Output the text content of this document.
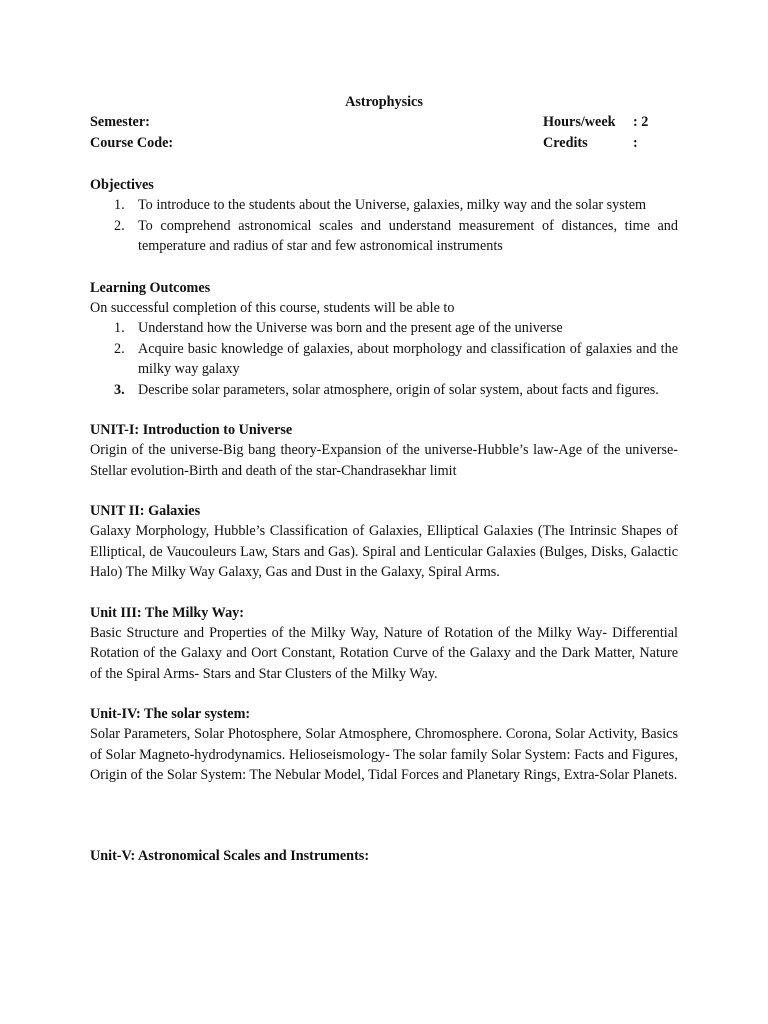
Astrophysics

Semester:	Hours/week	: 2
Course Code:	Credits	:

Objectives

1. To introduce to the students about the Universe, galaxies, milky way and the solar system
2. To comprehend astronomical scales and understand measurement of distances, time and temperature and radius of star and few astronomical instruments

Learning Outcomes

On successful completion of this course, students will be able to

1. Understand how the Universe was born and the present age of the universe
2. Acquire basic knowledge of galaxies, about morphology and classification of galaxies and the milky way galaxy
3. Describe solar parameters, solar atmosphere, origin of solar system, about facts and figures.

UNIT-I: Introduction to Universe

Origin of the universe-Big bang theory-Expansion of the universe-Hubble’s law-Age of the universe-Stellar evolution-Birth and death of the star-Chandrasekhar limit

UNIT II: Galaxies

Galaxy Morphology, Hubble’s Classification of Galaxies, Elliptical Galaxies (The Intrinsic Shapes of Elliptical, de Vaucouleurs Law, Stars and Gas). Spiral and Lenticular Galaxies (Bulges, Disks, Galactic Halo) The Milky Way Galaxy, Gas and Dust in the Galaxy, Spiral Arms.

Unit III: The Milky Way:

Basic Structure and Properties of the Milky Way, Nature of Rotation of the Milky Way- Differential Rotation of the Galaxy and Oort Constant, Rotation Curve of the Galaxy and the Dark Matter, Nature of the Spiral Arms- Stars and Star Clusters of the Milky Way.

Unit-IV: The solar system:

Solar Parameters, Solar Photosphere, Solar Atmosphere, Chromosphere. Corona, Solar Activity, Basics of Solar Magneto-hydrodynamics. Helioseismology- The solar family Solar System: Facts and Figures, Origin of the Solar System: The Nebular Model, Tidal Forces and Planetary Rings, Extra-Solar Planets.

Unit-V: Astronomical Scales and Instruments:
